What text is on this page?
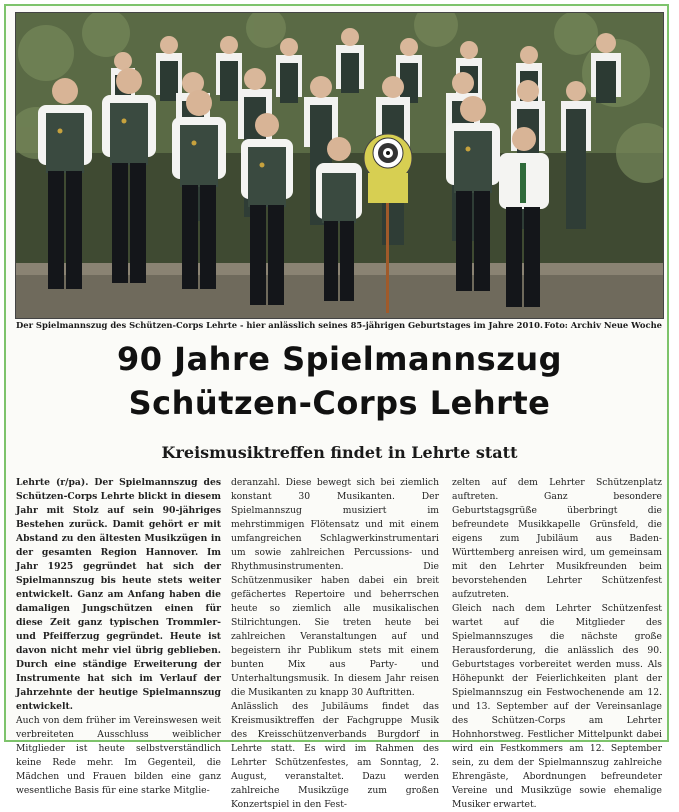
Der Spielmannszug des Schützen-Corps Lehrte - hier anlässlich seines 85-jährigen Geburtstages im Jahre 2010. Foto: Archiv Neue Woche
90 Jahre Spielmannszug
Schützen-Corps Lehrte
Kreismusiktreffen findet in Lehrte statt

Lehrte (r/pa). Der Spielmannszug des Schützen-Corps Lehrte blickt in diesem Jahr mit Stolz auf sein 90-jähriges Bestehen zurück. Damit gehört er mit Abstand zu den ältesten Musikzügen in der gesamten Region Hannover. Im Jahr 1925 gegründet hat sich der Spielmannszug bis heute stets weiter entwickelt. Ganz am Anfang haben die damaligen Jungschützen einen für diese Zeit ganz typischen Trommler- und Pfeifferzug gegründet. Heute ist davon nicht mehr viel übrig geblieben. Durch eine ständige Erweiterung der Instrumente hat sich im Verlauf der Jahrzehnte der heutige Spielmannszug entwickelt.

Auch von dem früher im Vereinswesen weit verbreiteten Ausschluss weiblicher Mitglieder ist heute selbstverständlich keine Rede mehr. Im Gegenteil, die Mädchen und Frauen bilden eine ganz wesentliche Basis für eine starke Mitglie-

deranzahl. Diese bewegt sich bei ziemlich konstant 30 Musikanten. Der Spielmannszug musiziert im mehrstimmigen Flötensatz und mit einem umfangreichen Schlagwerkinstrumentari um sowie zahlreichen Percussions- und Rhythmusinstrumenten. Die Schützenmusiker haben dabei ein breit gefächertes Repertoire und beherrschen heute so ziemlich alle musikalischen Stilrichtungen. Sie treten heute bei zahlreichen Veranstaltungen auf und begeistern ihr Publikum stets mit einem bunten Mix aus Party- und Unterhaltungsmusik. In diesem Jahr reisen die Musikanten zu knapp 30 Auftritten.

Anlässlich des Jubiläums findet das Kreismusiktreffen der Fachgruppe Musik des Kreisschützenverbands Burgdorf in Lehrte statt. Es wird im Rahmen des Lehrter Schützenfestes, am Sonntag, 2. August, veranstaltet. Dazu werden zahlreiche Musikzüge zum großen Konzertspiel in den Fest-

zelten auf dem Lehrter Schützenplatz auftreten. Ganz besondere Geburtstagsgrüße überbringt die befreundete Musikkapelle Grünsfeld, die eigens zum Jubiläum aus Baden-Württemberg anreisen wird, um gemeinsam mit den Lehrter Musikfreunden beim bevorstehenden Lehrter Schützenfest aufzutreten.

Gleich nach dem Lehrter Schützenfest wartet auf die Mitglieder des Spielmannszuges die nächste große Herausforderung, die anlässlich des 90. Geburtstages vorbereitet werden muss. Als Höhepunkt der Feierlichkeiten plant der Spielmannszug ein Festwochenende am 12. und 13. September auf der Vereinsanlage des Schützen-Corps am Lehrter Hohnhorstweg. Festlicher Mittelpunkt dabei wird ein Festkommers am 12. September sein, zu dem der Spielmannszug zahlreiche Ehrengäste, Abordnungen befreundeter Vereine und Musikzüge sowie ehemalige Musiker erwartet.
